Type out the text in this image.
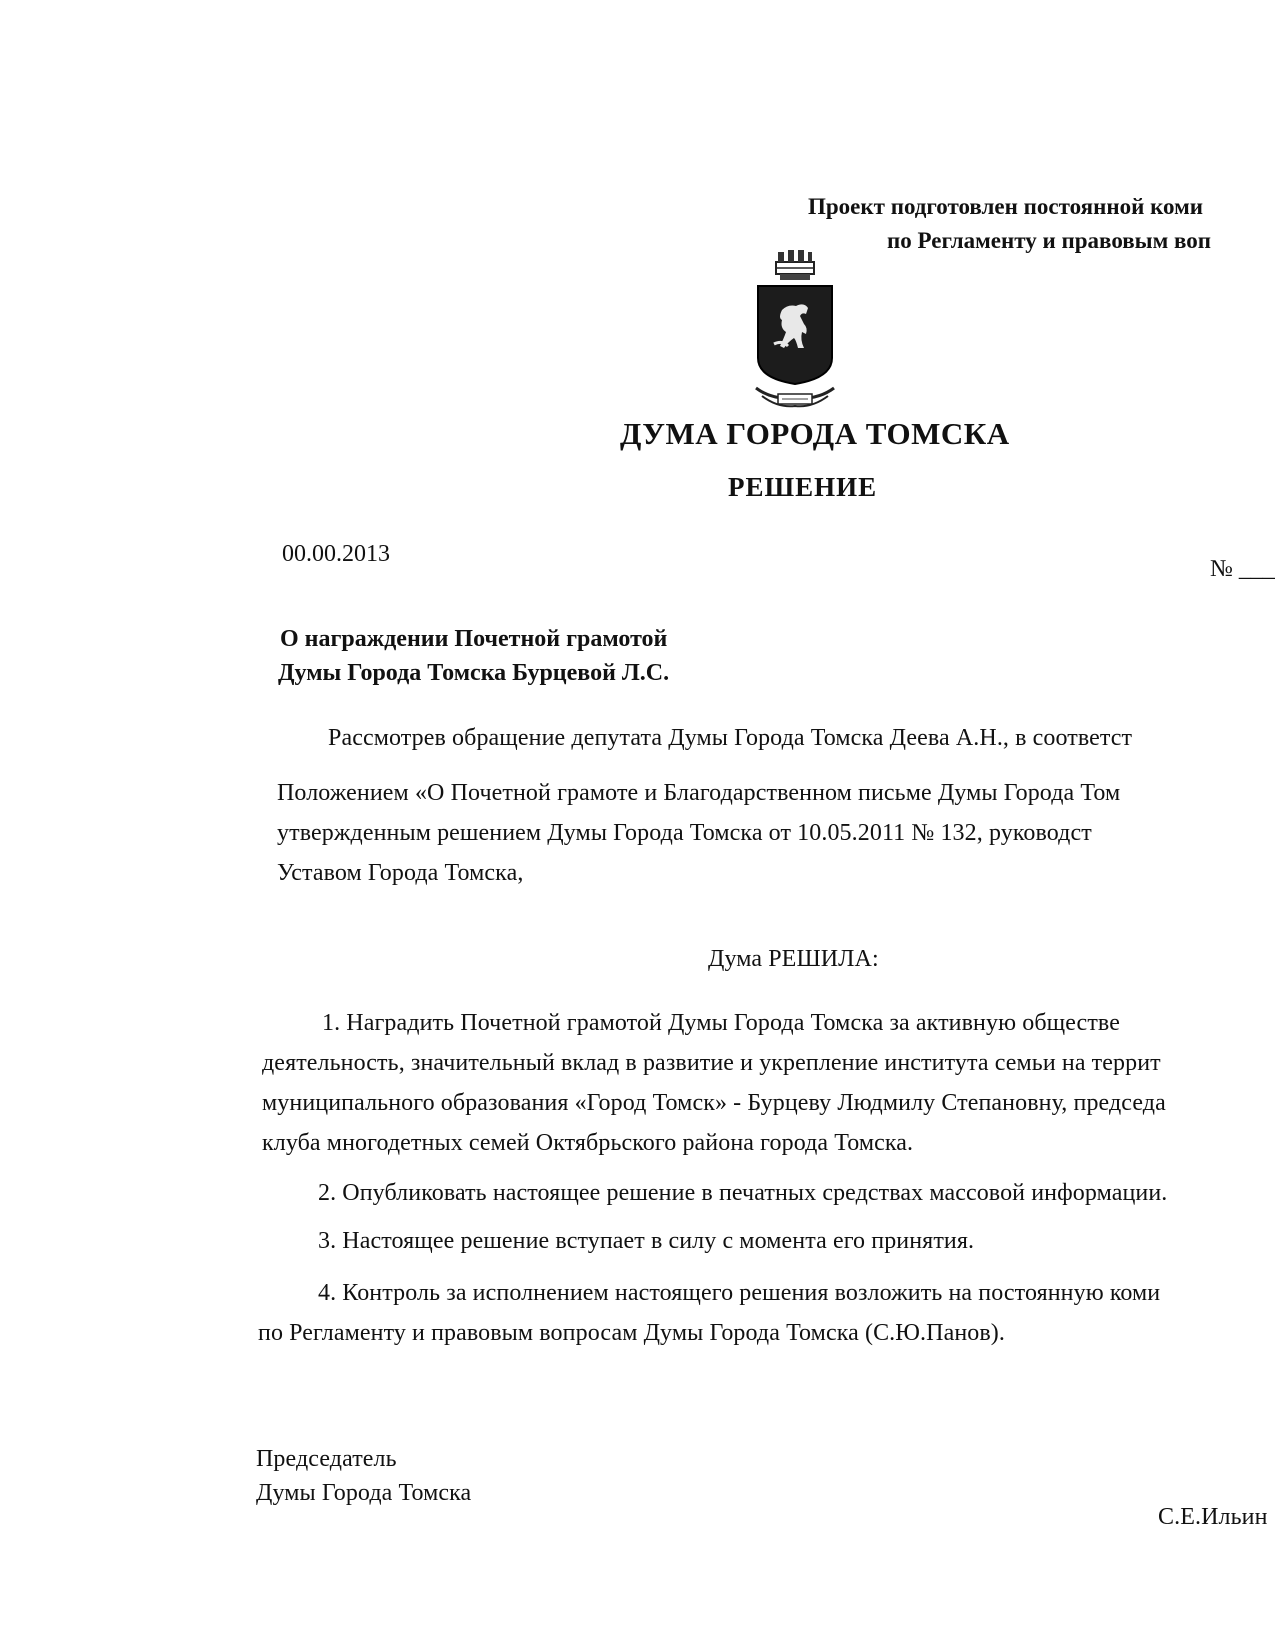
Проект подготовлен постоянной коми
по Регламенту и правовым воп
ДУМА ГОРОДА ТОМСКА
РЕШЕНИЕ
00.00.2013
№ ___
О награждении Почетной грамотой
Думы Города Томска Бурцевой Л.С.
Рассмотрев обращение депутата Думы Города Томска Деева А.Н., в соответст
Положением «О Почетной грамоте и Благодарственном письме Думы Города Том
утвержденным решением Думы Города Томска от 10.05.2011 № 132, руководст
Уставом Города Томска,
Дума РЕШИЛА:
1. Наградить Почетной грамотой Думы Города Томска за активную обществе
деятельность, значительный вклад в развитие и укрепление института семьи на террит
муниципального образования «Город Томск» - Бурцеву Людмилу Степановну, председа
клуба многодетных семей Октябрьского района города Томска.
2. Опубликовать настоящее решение в печатных средствах массовой информации.
3. Настоящее решение вступает в силу с момента его принятия.
4. Контроль за исполнением настоящего решения возложить на постоянную коми
по Регламенту и правовым вопросам Думы Города Томска (С.Ю.Панов).
Председатель
Думы Города Томска
С.Е.Ильин
